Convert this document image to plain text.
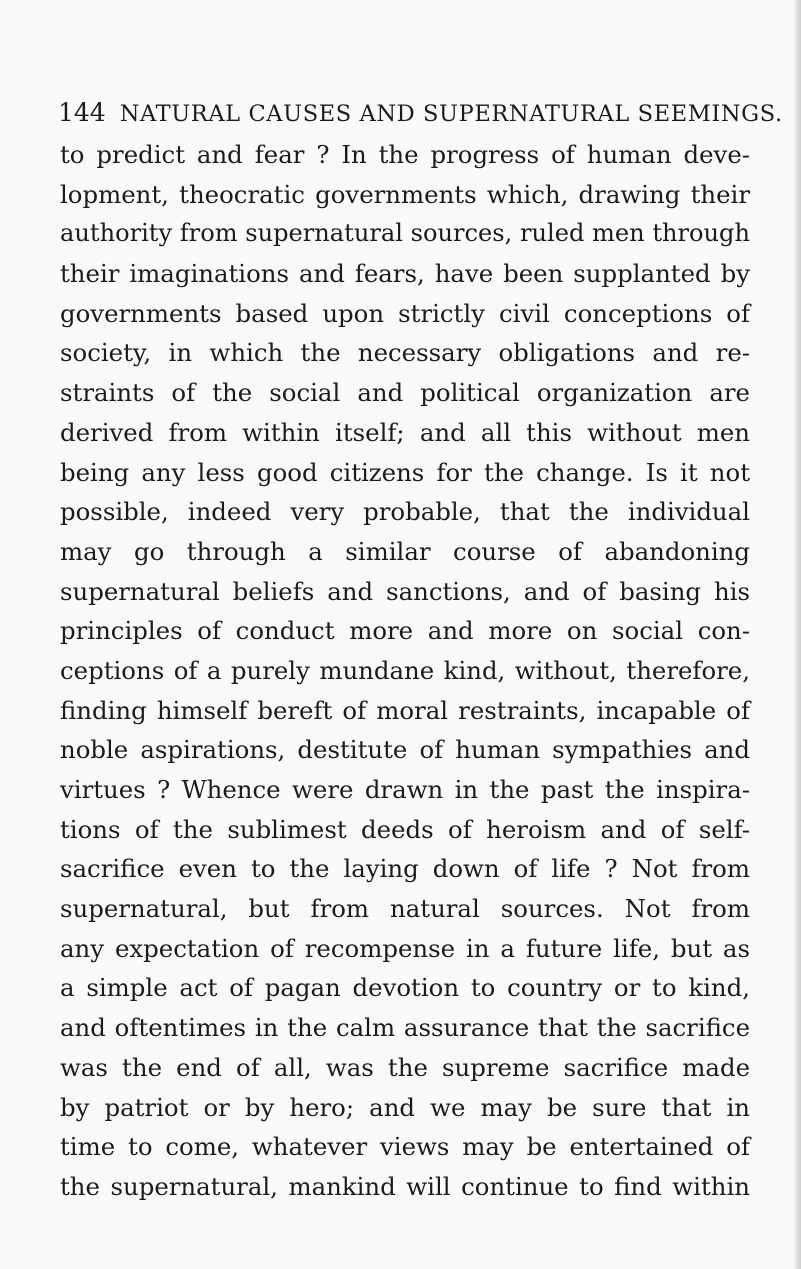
144 NATURAL CAUSES AND SUPERNATURAL SEEMINGS.
to predict and fear ? In the progress of human deve-
lopment, theocratic governments which, drawing their
authority from supernatural sources, ruled men through
their imaginations and fears, have been supplanted by
governments based upon strictly civil conceptions of
society, in which the necessary obligations and re-
straints of the social and political organization are
derived from within itself; and all this without men
being any less good citizens for the change. Is it not
possible, indeed very probable, that the individual
may go through a similar course of abandoning
supernatural beliefs and sanctions, and of basing his
principles of conduct more and more on social con-
ceptions of a purely mundane kind, without, therefore,
finding himself bereft of moral restraints, incapable of
noble aspirations, destitute of human sympathies and
virtues ? Whence were drawn in the past the inspira-
tions of the sublimest deeds of heroism and of self-
sacrifice even to the laying down of life ? Not from
supernatural, but from natural sources. Not from
any expectation of recompense in a future life, but as
a simple act of pagan devotion to country or to kind,
and oftentimes in the calm assurance that the sacrifice
was the end of all, was the supreme sacrifice made
by patriot or by hero; and we may be sure that in
time to come, whatever views may be entertained of
the supernatural, mankind will continue to find within
